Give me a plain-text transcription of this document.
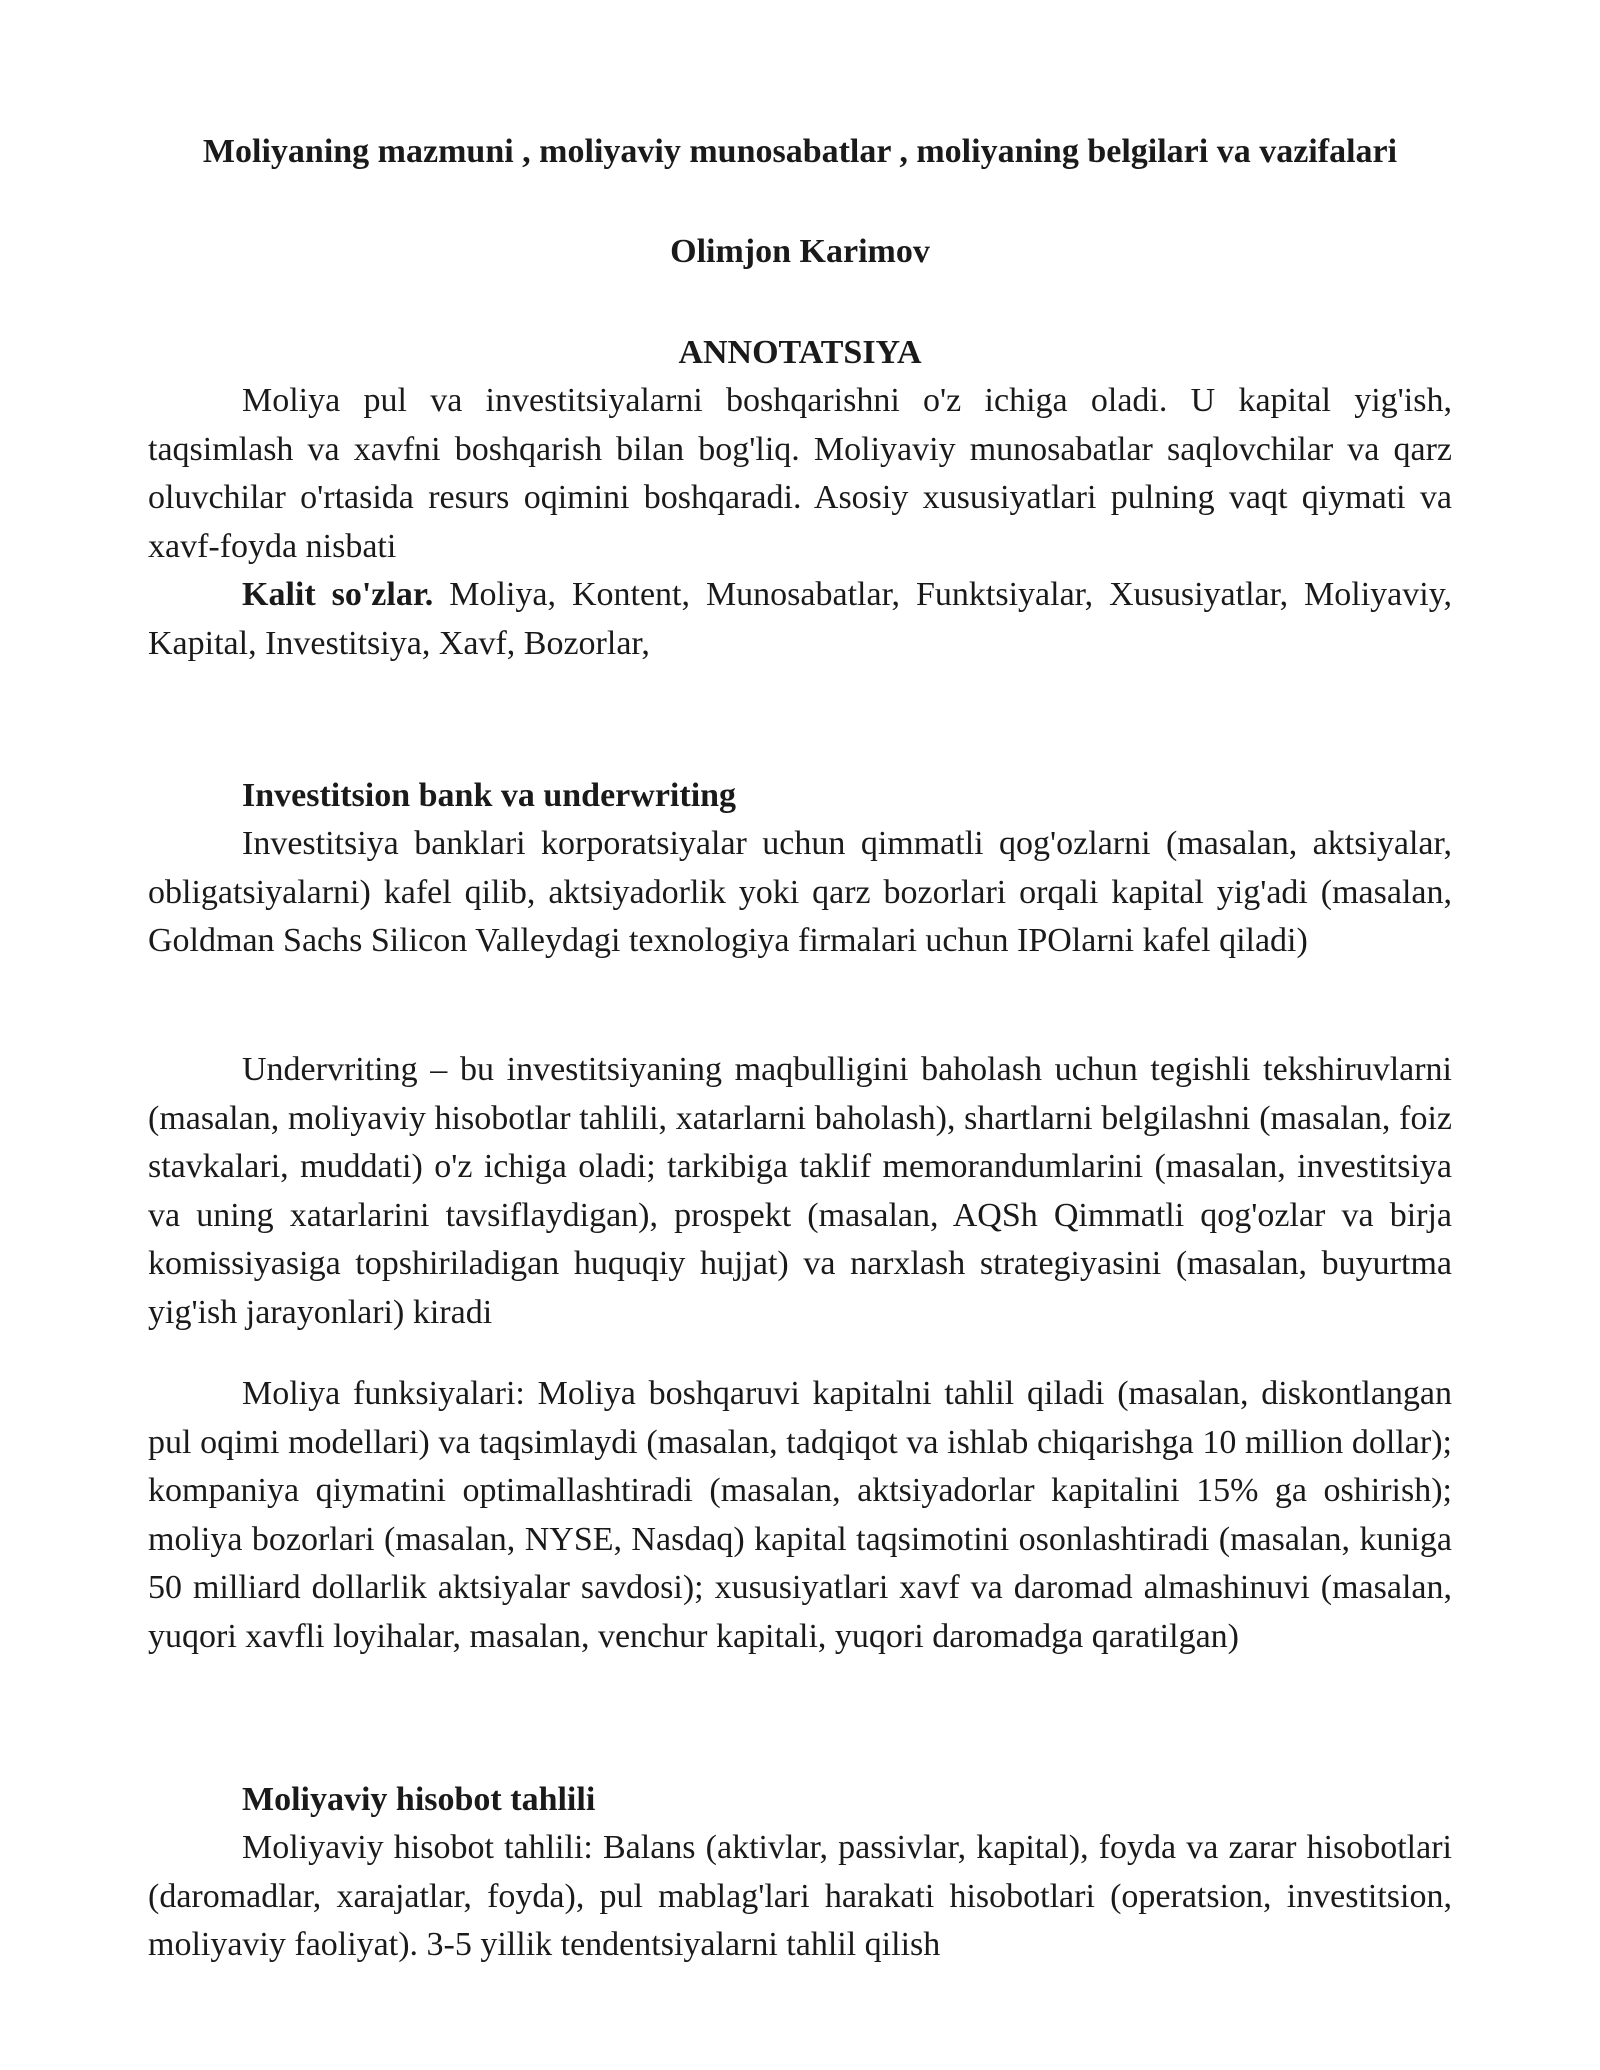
Moliyaning mazmuni , moliyaviy munosabatlar , moliyaning belgilari va vazifalari
Olimjon Karimov
ANNOTATSIYA

Moliya pul va investitsiyalarni boshqarishni o'z ichiga oladi. U kapital yig'ish, taqsimlash va xavfni boshqarish bilan bog'liq. Moliyaviy munosabatlar saqlovchilar va qarz oluvchilar o'rtasida resurs oqimini boshqaradi. Asosiy xususiyatlari pulning vaqt qiymati va xavf-foyda nisbati

Kalit so'zlar. Moliya, Kontent, Munosabatlar, Funktsiyalar, Xususiyatlar, Moliyaviy, Kapital, Investitsiya, Xavf, Bozorlar,

Investitsion bank va underwriting

Investitsiya banklari korporatsiyalar uchun qimmatli qog'ozlarni (masalan, aktsiyalar, obligatsiyalarni) kafel qilib, aktsiyadorlik yoki qarz bozorlari orqali kapital yig'adi (masalan, Goldman Sachs Silicon Valleydagi texnologiya firmalari uchun IPOlarni kafel qiladi)

Undervriting – bu investitsiyaning maqbulligini baholash uchun tegishli tekshiruvlarni (masalan, moliyaviy hisobotlar tahlili, xatarlarni baholash), shartlarni belgilashni (masalan, foiz stavkalari, muddati) o'z ichiga oladi; tarkibiga taklif memorandumlarini (masalan, investitsiya va uning xatarlarini tavsiflaydigan), prospekt (masalan, AQSh Qimmatli qog'ozlar va birja komissiyasiga topshiriladigan huquqiy hujjat) va narxlash strategiyasini (masalan, buyurtma yig'ish jarayonlari) kiradi

Moliya funksiyalari: Moliya boshqaruvi kapitalni tahlil qiladi (masalan, diskontlangan pul oqimi modellari) va taqsimlaydi (masalan, tadqiqot va ishlab chiqarishga 10 million dollar); kompaniya qiymatini optimallashtiradi (masalan, aktsiyadorlar kapitalini 15% ga oshirish); moliya bozorlari (masalan, NYSE, Nasdaq) kapital taqsimotini osonlashtiradi (masalan, kuniga 50 milliard dollarlik aktsiyalar savdosi); xususiyatlari xavf va daromad almashinuvi (masalan, yuqori xavfli loyihalar, masalan, venchur kapitali, yuqori daromadga qaratilgan)

Moliyaviy hisobot tahlili

Moliyaviy hisobot tahlili: Balans (aktivlar, passivlar, kapital), foyda va zarar hisobotlari (daromadlar, xarajatlar, foyda), pul mablag'lari harakati hisobotlari (operatsion, investitsion, moliyaviy faoliyat). 3-5 yillik tendentsiyalarni tahlil qilish
